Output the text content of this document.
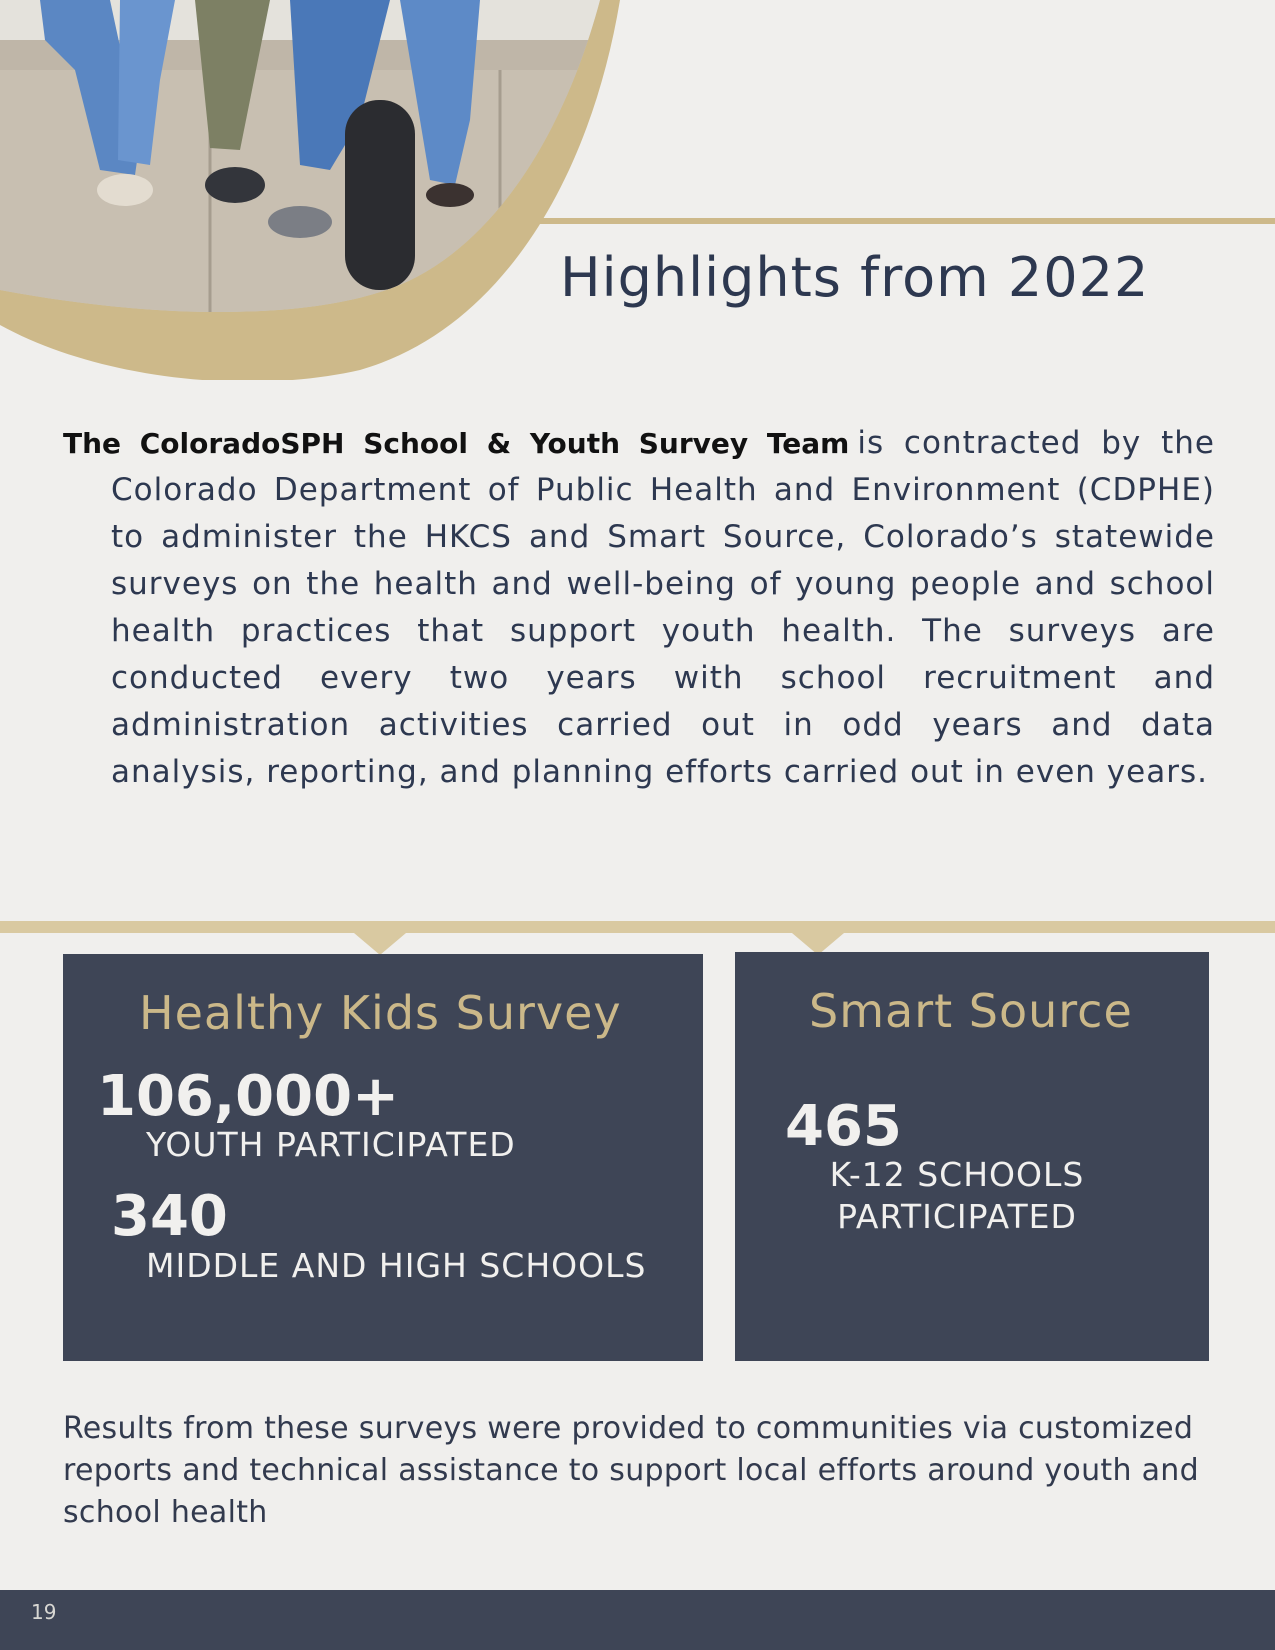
Highlights from 2022

The ColoradoSPH School & Youth Survey Team is contracted by the Colorado Department of Public Health and Environment (CDPHE) to administer the HKCS and Smart Source, Colorado’s statewide surveys on the health and well-being of young people and school health practices that support youth health. The surveys are conducted every two years with school recruitment and administration activities carried out in odd years and data analysis, reporting, and planning efforts carried out in even years.

Healthy Kids Survey

106,000+

YOUTH PARTICIPATED

340

MIDDLE AND HIGH SCHOOLS

Smart Source

465

K-12 SCHOOLS

PARTICIPATED

Results from these surveys were provided to communities via customized reports and technical assistance to support local efforts around youth and school health

19
